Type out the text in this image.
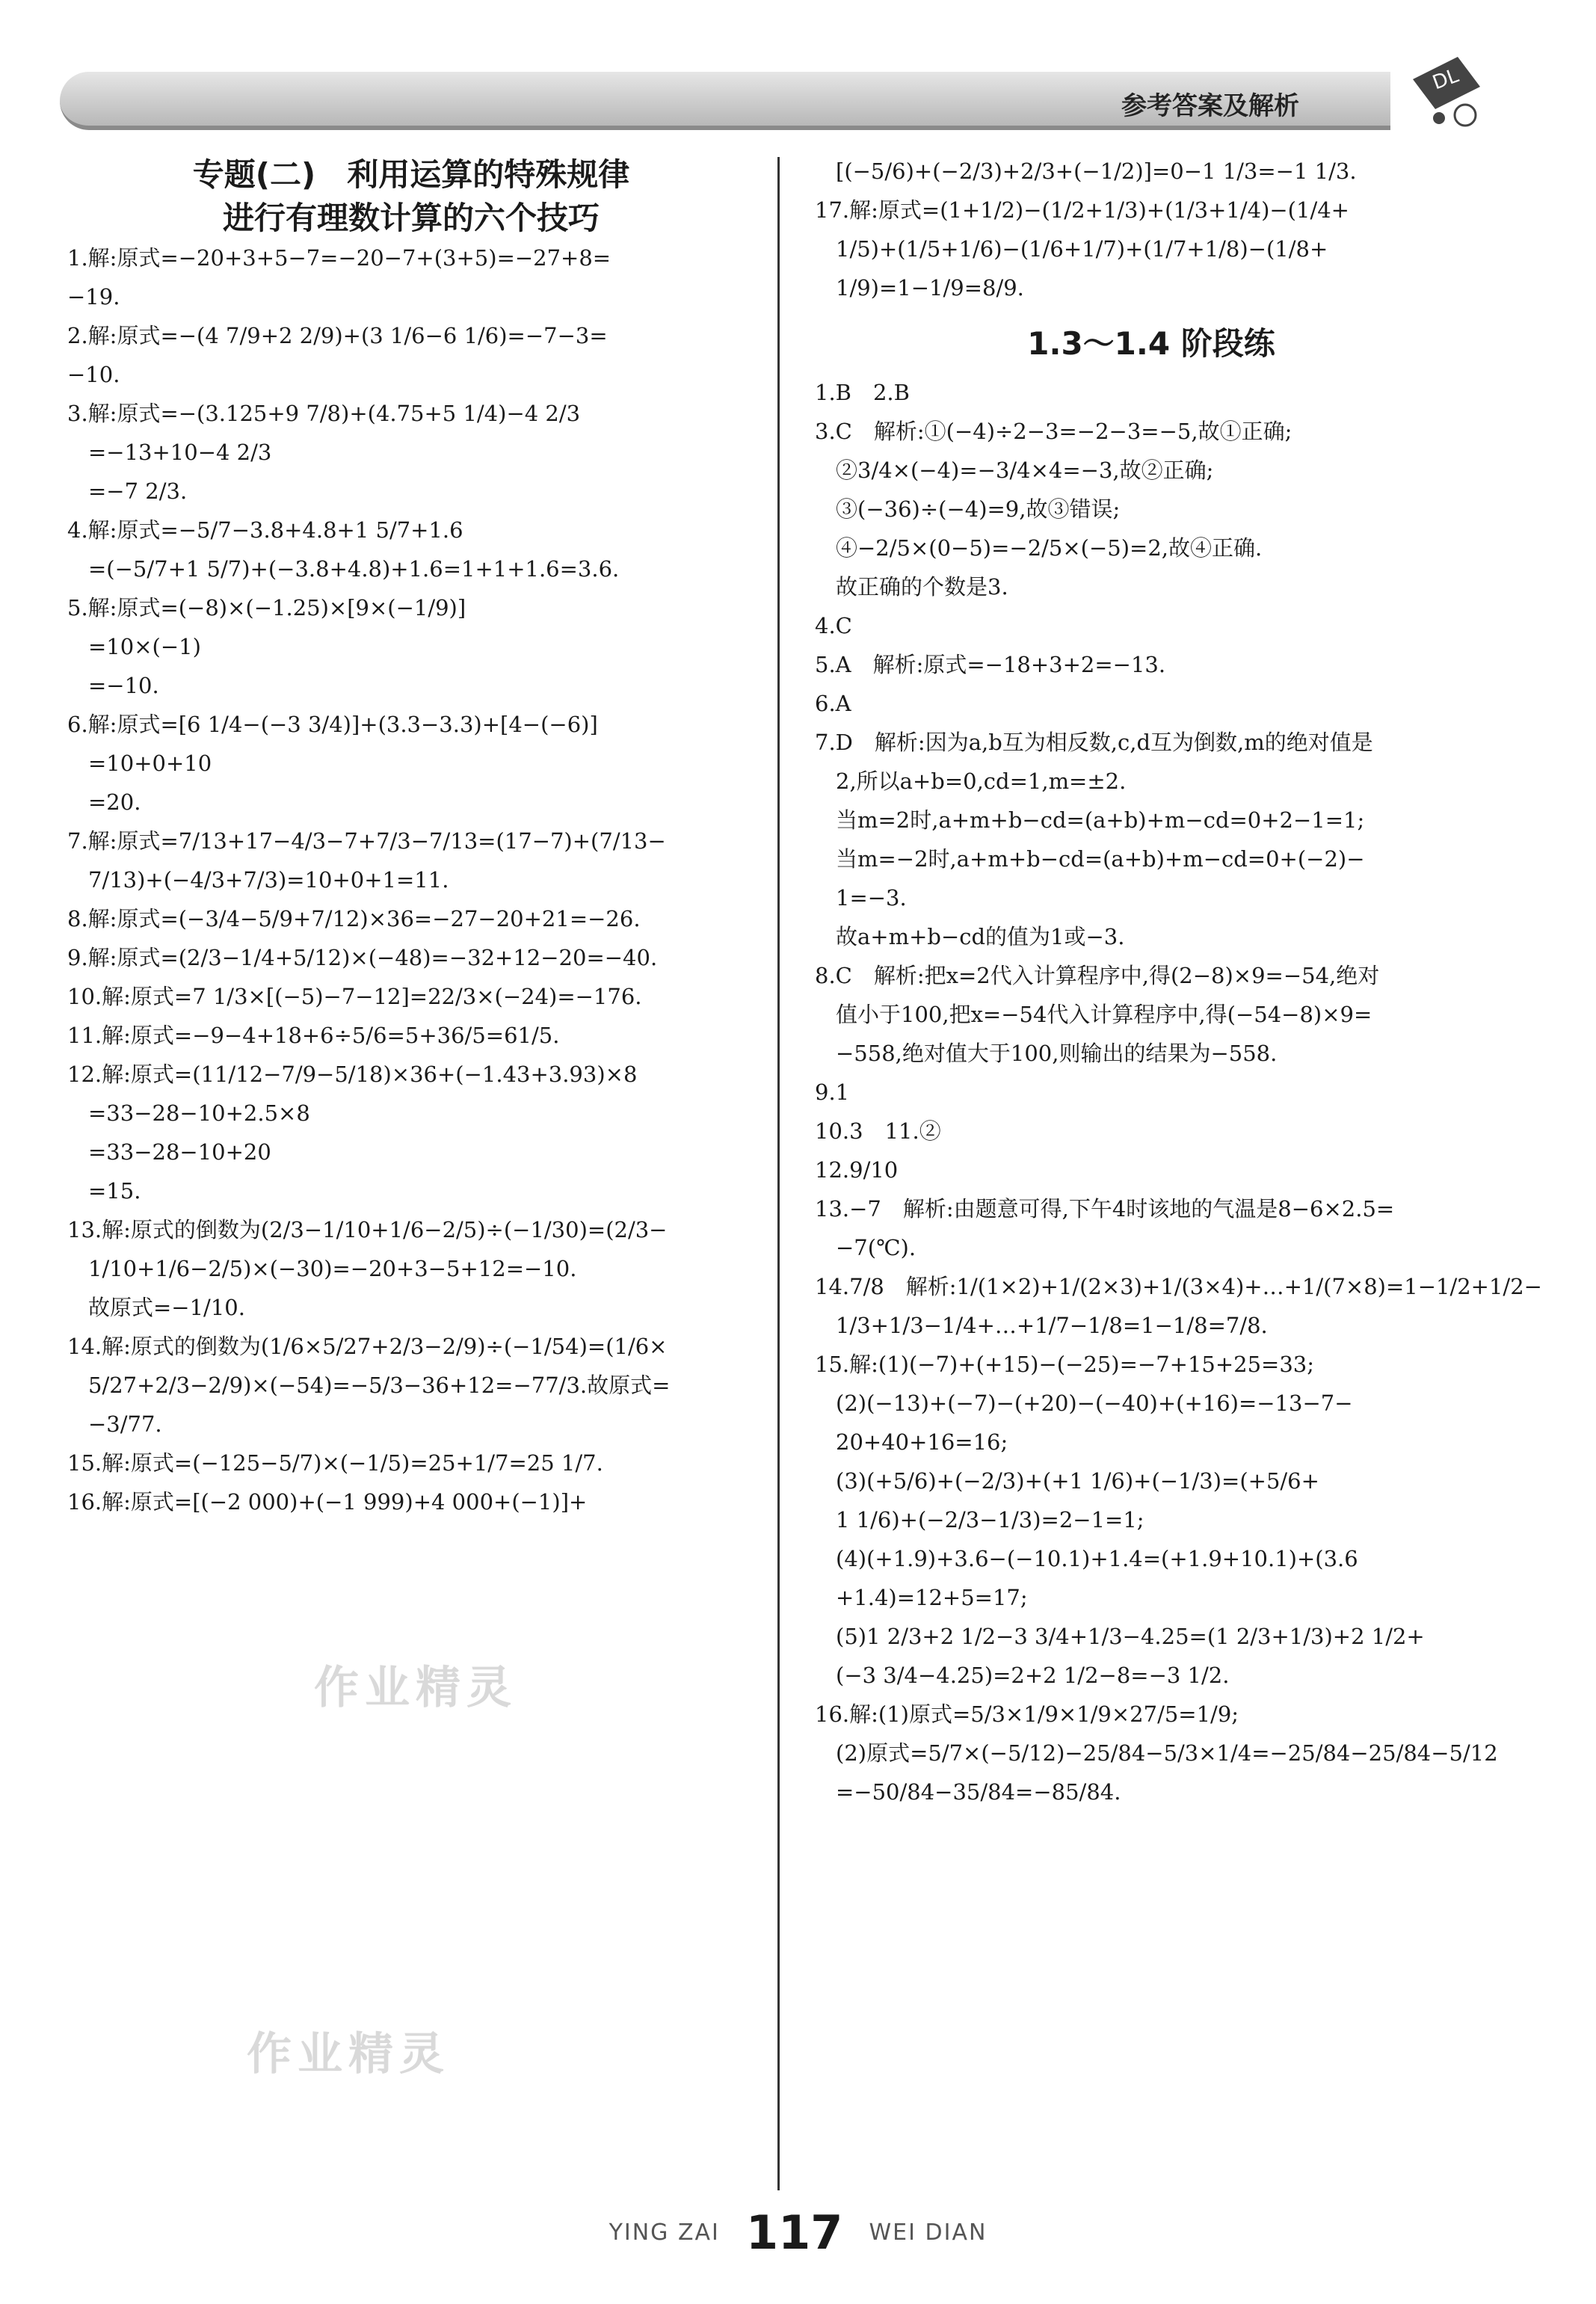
参考答案及解析
DL
专题(二)　利用运算的特殊规律
进行有理数计算的六个技巧
1.解:原式=−20+3+5−7=−20−7+(3+5)=−27+8=
−19.
2.解:原式=−(4 7/9+2 2/9)+(3 1/6−6 1/6)=−7−3=
−10.
3.解:原式=−(3.125+9 7/8)+(4.75+5 1/4)−4 2/3
=−13+10−4 2/3
=−7 2/3.
4.解:原式=−5/7−3.8+4.8+1 5/7+1.6
=(−5/7+1 5/7)+(−3.8+4.8)+1.6=1+1+1.6=3.6.
5.解:原式=(−8)×(−1.25)×[9×(−1/9)]
=10×(−1)
=−10.
6.解:原式=[6 1/4−(−3 3/4)]+(3.3−3.3)+[4−(−6)]
=10+0+10
=20.
7.解:原式=7/13+17−4/3−7+7/3−7/13=(17−7)+(7/13−
7/13)+(−4/3+7/3)=10+0+1=11.
8.解:原式=(−3/4−5/9+7/12)×36=−27−20+21=−26.
9.解:原式=(2/3−1/4+5/12)×(−48)=−32+12−20=−40.
10.解:原式=7 1/3×[(−5)−7−12]=22/3×(−24)=−176.
11.解:原式=−9−4+18+6÷5/6=5+36/5=61/5.
12.解:原式=(11/12−7/9−5/18)×36+(−1.43+3.93)×8
=33−28−10+2.5×8
=33−28−10+20
=15.
13.解:原式的倒数为(2/3−1/10+1/6−2/5)÷(−1/30)=(2/3−
1/10+1/6−2/5)×(−30)=−20+3−5+12=−10.
故原式=−1/10.
14.解:原式的倒数为(1/6×5/27+2/3−2/9)÷(−1/54)=(1/6×
5/27+2/3−2/9)×(−54)=−5/3−36+12=−77/3.故原式=
−3/77.
15.解:原式=(−125−5/7)×(−1/5)=25+1/7=25 1/7.
16.解:原式=[(−2 000)+(−1 999)+4 000+(−1)]+
[(−5/6)+(−2/3)+2/3+(−1/2)]=0−1 1/3=−1 1/3.
17.解:原式=(1+1/2)−(1/2+1/3)+(1/3+1/4)−(1/4+
1/5)+(1/5+1/6)−(1/6+1/7)+(1/7+1/8)−(1/8+
1/9)=1−1/9=8/9.
1.3～1.4 阶段练
1.B　2.B
3.C　解析:①(−4)÷2−3=−2−3=−5,故①正确;
②3/4×(−4)=−3/4×4=−3,故②正确;
③(−36)÷(−4)=9,故③错误;
④−2/5×(0−5)=−2/5×(−5)=2,故④正确.
故正确的个数是3.
4.C
5.A　解析:原式=−18+3+2=−13.
6.A
7.D　解析:因为a,b互为相反数,c,d互为倒数,m的绝对值是
2,所以a+b=0,cd=1,m=±2.
当m=2时,a+m+b−cd=(a+b)+m−cd=0+2−1=1;
当m=−2时,a+m+b−cd=(a+b)+m−cd=0+(−2)−
1=−3.
故a+m+b−cd的值为1或−3.
8.C　解析:把x=2代入计算程序中,得(2−8)×9=−54,绝对
值小于100,把x=−54代入计算程序中,得(−54−8)×9=
−558,绝对值大于100,则输出的结果为−558.
9.1
10.3　11.②
12.9/10
13.−7　解析:由题意可得,下午4时该地的气温是8−6×2.5=
−7(℃).
14.7/8　解析:1/(1×2)+1/(2×3)+1/(3×4)+…+1/(7×8)=1−1/2+1/2−
1/3+1/3−1/4+…+1/7−1/8=1−1/8=7/8.
15.解:(1)(−7)+(+15)−(−25)=−7+15+25=33;
(2)(−13)+(−7)−(+20)−(−40)+(+16)=−13−7−
20+40+16=16;
(3)(+5/6)+(−2/3)+(+1 1/6)+(−1/3)=(+5/6+
1 1/6)+(−2/3−1/3)=2−1=1;
(4)(+1.9)+3.6−(−10.1)+1.4=(+1.9+10.1)+(3.6
+1.4)=12+5=17;
(5)1 2/3+2 1/2−3 3/4+1/3−4.25=(1 2/3+1/3)+2 1/2+
(−3 3/4−4.25)=2+2 1/2−8=−3 1/2.
16.解:(1)原式=5/3×1/9×1/9×27/5=1/9;
(2)原式=5/7×(−5/12)−25/84−5/3×1/4=−25/84−25/84−5/12
=−50/84−35/84=−85/84.
作业精灵
作业精灵
YING ZAI 117 WEI DIAN
